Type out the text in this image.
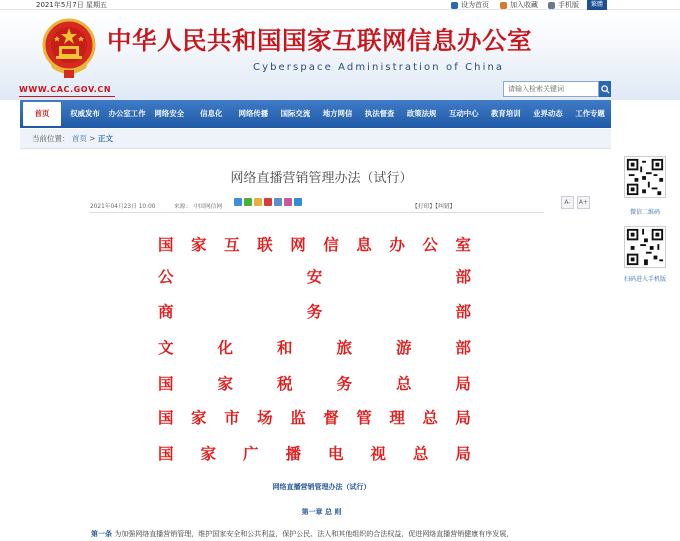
2021年5月7日 星期五	设为首页	加入收藏	手机版	繁體
中华人民共和国国家互联网信息办公室
Cyberspace Administration of China
WWW.CAC.GOV.CN	请输入检索关键词
首页	权威发布	办公室工作	网络安全	信息化	网络传播	国际交流	地方网信	执法督查	政策法规	互动中心	教育培训	业界动态	工作专题
当前位置： 首页 > 正文
网络直播营销管理办法（试行）
2021年04月23日 10:00	来源： 中国网信网	【打印】【纠错】
A-	A+
国 家 互 联 网 信 息 办 公 室
公	安	部
商	务	部
文	化	和	旅	游	部
国	家	税	务	总	局
国 家 市 场 监 督 管 理 总 局
国 家 广 播 电 视 总 局
网络直播营销管理办法（试行）
第一章 总 则
第一条 为加强网络直播营销管理，维护国家安全和公共利益，保护公民、法人和其他组织的合法权益，促进网络直播营销健康有序发展，
微信二维码
扫码进入手机版
